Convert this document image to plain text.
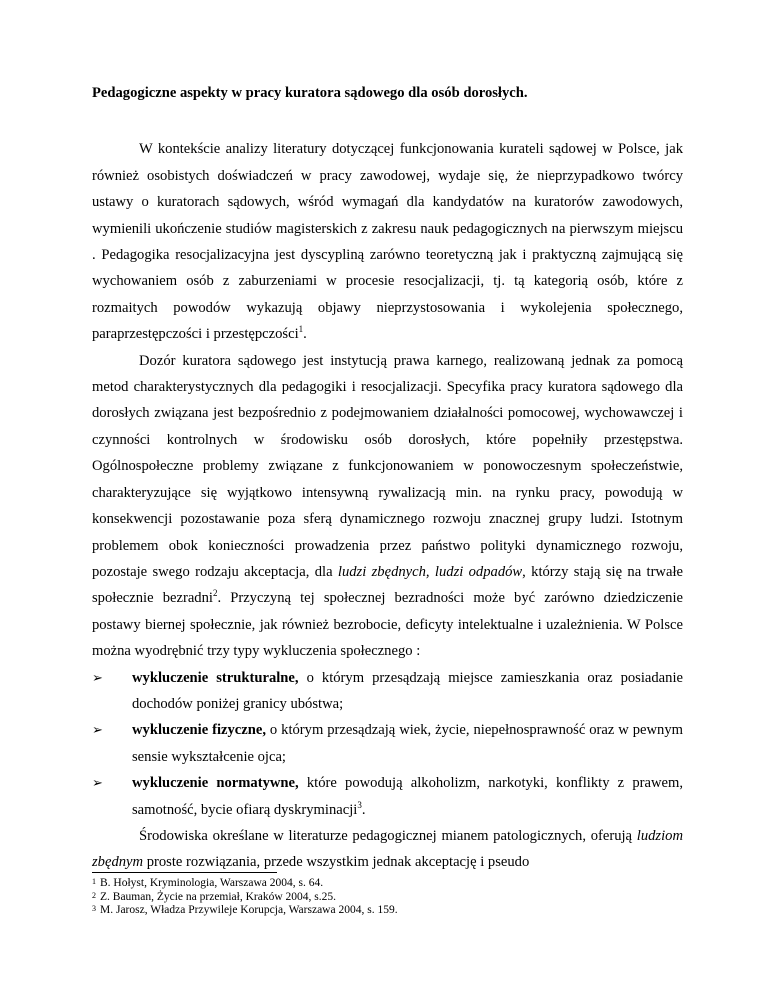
Pedagogiczne aspekty w pracy kuratora sądowego dla osób dorosłych.

W kontekście analizy literatury dotyczącej funkcjonowania kurateli sądowej w Polsce, jak również osobistych doświadczeń w pracy zawodowej, wydaje się, że nieprzypadkowo twórcy ustawy o kuratorach sądowych, wśród wymagań dla kandydatów na kuratorów zawodowych, wymienili ukończenie studiów magisterskich z zakresu nauk pedagogicznych na pierwszym miejscu . Pedagogika resocjalizacyjna jest dyscypliną zarówno teoretyczną jak i praktyczną zajmującą się wychowaniem osób z zaburzeniami w procesie resocjalizacji, tj. tą kategorią osób, które z rozmaitych powodów wykazują objawy nieprzystosowania i wykolejenia społecznego, paraprzestępczości i przestępczości$^1$.

Dozór kuratora sądowego jest instytucją prawa karnego, realizowaną jednak za pomocą metod charakterystycznych dla pedagogiki i resocjalizacji. Specyfika pracy kuratora sądowego dla dorosłych związana jest bezpośrednio z podejmowaniem działalności pomocowej, wychowawczej i czynności kontrolnych w środowisku osób dorosłych, które popełniły przestępstwa. Ogólnospołeczne problemy związane z funkcjonowaniem w ponowoczesnym społeczeństwie, charakteryzujące się wyjątkowo intensywną rywalizacją min. na rynku pracy, powodują w konsekwencji pozostawanie poza sferą dynamicznego rozwoju znacznej grupy ludzi. Istotnym problemem obok konieczności prowadzenia przez państwo polityki dynamicznego rozwoju, pozostaje swego rodzaju akceptacja, dla ludzi zbędnych, ludzi odpadów, którzy stają się na trwałe społecznie bezradni$^2$. Przyczyną tej społecznej bezradności może być zarówno dziedziczenie postawy biernej społecznie, jak również bezrobocie, deficyty intelektualne i uzależnienia. W Polsce można wyodrębnić trzy typy wykluczenia społecznego :

➢	wykluczenie strukturalne, o którym przesądzają miejsce zamieszkania oraz posiadanie dochodów poniżej granicy ubóstwa;
➢	wykluczenie fizyczne, o którym przesądzają wiek, życie, niepełnosprawność oraz w pewnym sensie wykształcenie ojca;
➢	wykluczenie normatywne, które powodują alkoholizm, narkotyki, konflikty z prawem, samotność, bycie ofiarą dyskryminacji$^3$.

Środowiska określane w literaturze pedagogicznej mianem patologicznych, oferują ludziom zbędnym proste rozwiązania, przede wszystkim jednak akceptację i pseudo

1 B. Hołyst, Kryminologia, Warszawa 2004, s. 64.
2 Z. Bauman, Życie na przemiał, Kraków 2004, s.25.
3 M. Jarosz, Władza Przywileje Korupcja, Warszawa 2004, s. 159.
